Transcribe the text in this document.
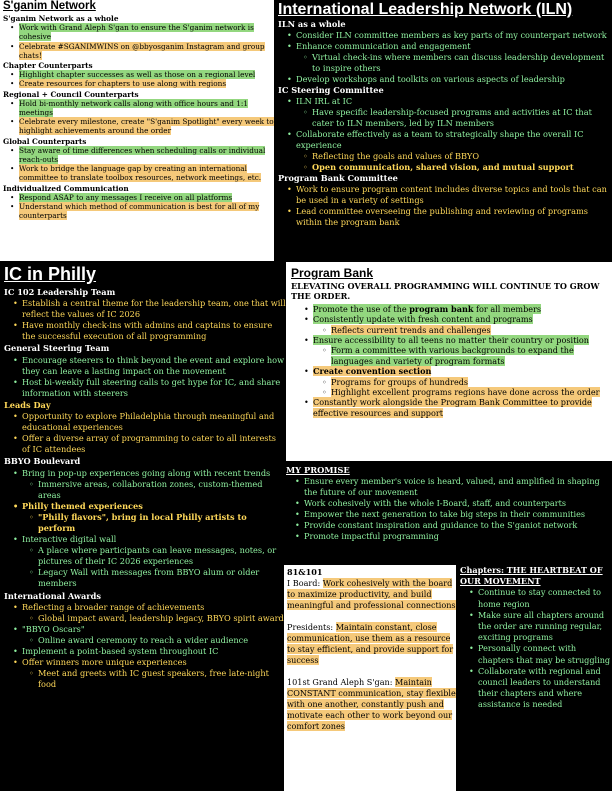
S'ganim Network
S'ganim Network as a whole
• Work with Grand Aleph S'gan to ensure the S'ganim network is cohesive
• Celebrate #SGANIMWINS on @bbyosganim Instagram and group chats!
Chapter Counterparts
• Highlight chapter successes as well as those on a regional level
• Create resources for chapters to use along with regions
Regional + Council Counterparts
• Hold bi-monthly network calls along with office hours and 1:1 meetings
• Celebrate every milestone, create "S'ganim Spotlight" every week to highlight achievements around the order
Global Counterparts
• Stay aware of time differences when scheduling calls or individual reach-outs
• Work to bridge the language gap by creating an international committee to translate toolbox resources, network meetings, etc.
Individualized Communication
• Respond ASAP to any messages I receive on all platforms
• Understand which method of communication is best for all of my counterparts
International Leadership Network (ILN)
ILN as a whole
• Consider ILN committee members as key parts of my counterpart network
• Enhance communication and engagement
◦ Virtual check-ins where members can discuss leadership development to inspire others
• Develop workshops and toolkits on various aspects of leadership
IC Steering Committee
• ILN IRL at IC
◦ Have specific leadership-focused programs and activities at IC that cater to ILN members, led by ILN members
• Collaborate effectively as a team to strategically shape the overall IC experience
◦ Reflecting the goals and values of BBYO
◦ Open communication, shared vision, and mutual support
Program Bank Committee
• Work to ensure program content includes diverse topics and tools that can be used in a variety of settings
• Lead committee overseeing the publishing and reviewing of programs within the program bank
IC in Philly
IC 102 Leadership Team
• Establish a central theme for the leadership team, one that will reflect the values of IC 2026
• Have monthly check-ins with admins and captains to ensure the successful execution of all programming
General Steering Team
• Encourage steerers to think beyond the event and explore how they can leave a lasting impact on the movement
• Host bi-weekly full steering calls to get hype for IC, and share information with steerers
Leads Day
• Opportunity to explore Philadelphia through meaningful and educational experiences
• Offer a diverse array of programming to cater to all interests of IC attendees
BBYO Boulevard
• Bring in pop-up experiences going along with recent trends
◦ Immersive areas, collaboration zones, custom-themed areas
• Philly themed experiences
◦ "Philly flavors", bring in local Philly artists to perform
• Interactive digital wall
◦ A place where participants can leave messages, notes, or pictures of their IC 2026 experiences
◦ Legacy Wall with messages from BBYO alum or older members
International Awards
• Reflecting a broader range of achievements
◦ Global impact award, leadership legacy, BBYO spirit award
• "BBYO Oscars"
◦ Online award ceremony to reach a wider audience
• Implement a point-based system throughout IC
• Offer winners more unique experiences
◦ Meet and greets with IC guest speakers, free late-night food
Program Bank
ELEVATING OVERALL PROGRAMMING WILL CONTINUE TO GROW THE ORDER.
• Promote the use of the program bank for all members
• Consistently update with fresh content and programs
◦ Reflects current trends and challenges
• Ensure accessibility to all teens no matter their country or position
◦ Form a committee with various backgrounds to expand the languages and variety of program formats
• Create convention section
◦ Programs for groups of hundreds
◦ Highlight excellent programs regions have done across the order
• Constantly work alongside the Program Bank Committee to provide effective resources and support
MY PROMISE
• Ensure every member's voice is heard, valued, and amplified in shaping the future of our movement
• Work cohesively with the whole I-Board, staff, and counterparts
• Empower the next generation to take big steps in their communities
• Provide constant inspiration and guidance to the S'ganiot network
• Promote impactful programming
81&101

I Board: Work cohesively with the board to maximize productivity, and build meaningful and professional connections

Presidents: Maintain constant, close communication, use them as a resource to stay efficient, and provide support for success

101st Grand Aleph S'gan: Maintain CONSTANT communication, stay flexible with one another, constantly push and motivate each other to work beyond our comfort zones

Chapters: THE HEARTBEAT OF OUR MOVEMENT
• Continue to stay connected to home region
• Make sure all chapters around the order are running regular, exciting programs
• Personally connect with chapters that may be struggling
• Collaborate with regional and council leaders to understand their chapters and where assistance is needed
